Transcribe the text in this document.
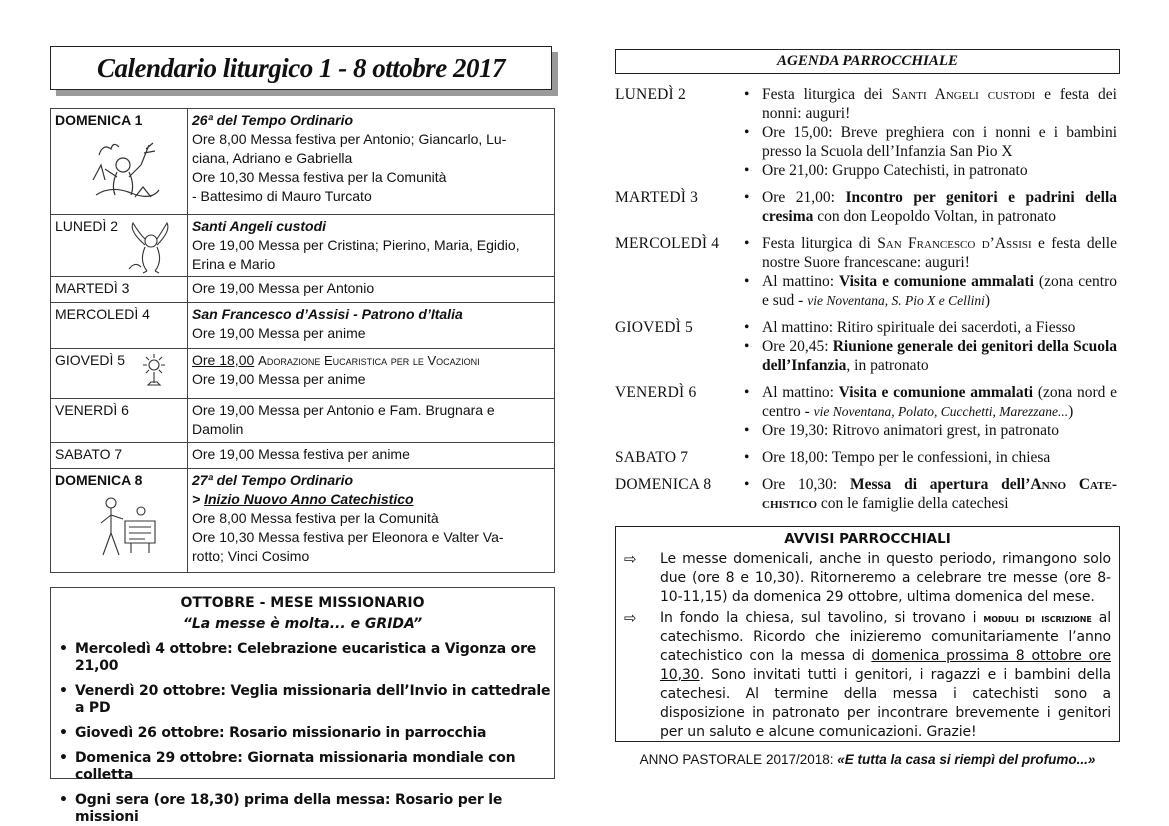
Calendario liturgico 1 - 8 ottobre 2017
DOMENICA 1	26ª del Tempo Ordinario
Ore 8,00 Messa festiva per Antonio; Giancarlo, Lu-
ciana, Adriano e Gabriella
Ore 10,30 Messa festiva per la Comunità
- Battesimo di Mauro Turcato

LUNEDÌ 2	Santi Angeli custodi
Ore 19,00 Messa per Cristina; Pierino, Maria, Egidio,
Erina e Mario

MARTEDÌ 3	Ore 19,00 Messa per Antonio

MERCOLEDÌ 4	San Francesco d’Assisi - Patrono d’Italia
Ore 19,00 Messa per anime

GIOVEDÌ 5	Ore 18,00 Adorazione Eucaristica per le Vocazioni
Ore 19,00 Messa per anime

VENERDÌ 6	Ore 19,00 Messa per Antonio e Fam. Brugnara e
Damolin

SABATO 7	Ore 19,00 Messa festiva per anime

DOMENICA 8	27ª del Tempo Ordinario
> Inizio Nuovo Anno Catechistico
Ore 8,00 Messa festiva per la Comunità
Ore 10,30 Messa festiva per Eleonora e Valter Va-
rotto; Vinci Cosimo
OTTOBRE - MESE MISSIONARIO
“La messe è molta... e GRIDA”
• Mercoledì 4 ottobre: Celebrazione eucaristica a Vigonza ore 21,00
• Venerdì 20 ottobre: Veglia missionaria dell’Invio in cattedrale a PD
• Giovedì 26 ottobre: Rosario missionario in parrocchia
• Domenica 29 ottobre: Giornata missionaria mondiale con colletta
• Ogni sera (ore 18,30) prima della messa: Rosario per le missioni
AGENDA PARROCCHIALE
LUNEDÌ 2	• Festa liturgica dei Santi Angeli custodi e festa dei nonni: auguri!
• Ore 15,00: Breve preghiera con i nonni e i bambini presso la Scuola dell’Infanzia San Pio X
• Ore 21,00: Gruppo Catechisti, in patronato
MARTEDÌ 3	• Ore 21,00: Incontro per genitori e padrini della cresima con don Leopoldo Voltan, in patronato
MERCOLEDÌ 4	• Festa liturgica di San Francesco d’Assisi e festa delle nostre Suore francescane: auguri!
• Al mattino: Visita e comunione ammalati (zona centro e sud - vie Noventana, S. Pio X e Cellini)
GIOVEDÌ 5	• Al mattino: Ritiro spirituale dei sacerdoti, a Fiesso
• Ore 20,45: Riunione generale dei genitori della Scuola dell’Infanzia, in patronato
VENERDÌ 6	• Al mattino: Visita e comunione ammalati (zona nord e centro - vie Noventana, Polato, Cucchetti, Marezzane...)
• Ore 19,30: Ritrovo animatori grest, in patronato
SABATO 7	• Ore 18,00: Tempo per le confessioni, in chiesa
DOMENICA 8	• Ore 10,30: Messa di apertura dell’Anno Cate-chistico con le famiglie della catechesi
AVVISI PARROCCHIALI
⇨	Le messe domenicali, anche in questo periodo, rimangono solo due (ore 8 e 10,30). Ritorneremo a celebrare tre messe (ore 8-10-11,15) da domenica 29 ottobre, ultima domenica del mese.
⇨	In fondo la chiesa, sul tavolino, si trovano i moduli di iscrizione al catechismo. Ricordo che inizieremo comunitariamente l’anno catechistico con la messa di domenica prossima 8 ottobre ore 10,30. Sono invitati tutti i genitori, i ragazzi e i bambini della catechesi. Al termine della messa i catechisti sono a disposizione in patronato per incontrare brevemente i genitori per un saluto e alcune comunicazioni. Grazie!
ANNO PASTORALE 2017/2018: «E tutta la casa si riempì del profumo...»
